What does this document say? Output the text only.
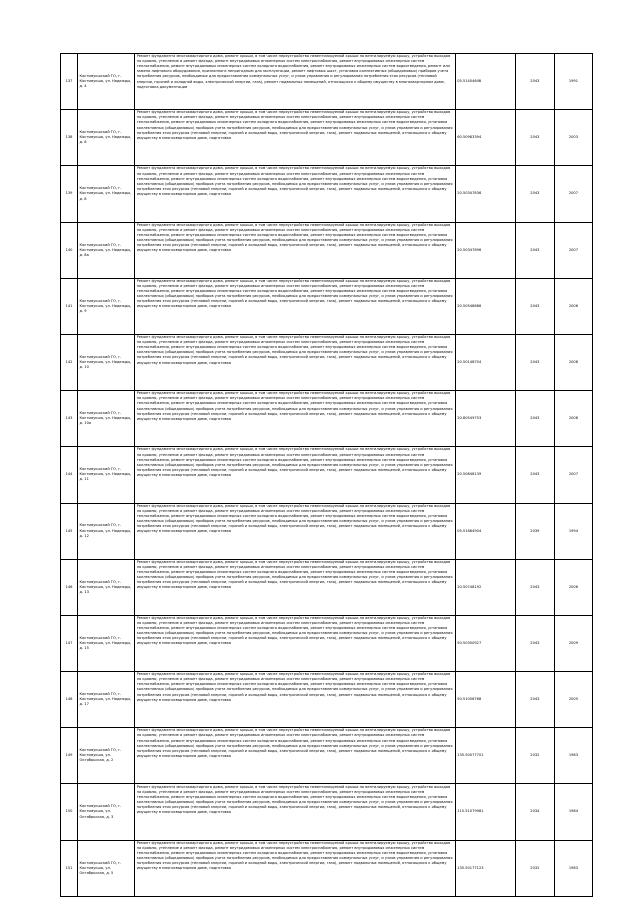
137	Костомукшский ГО, г. Костомукша, ул. Надежды, д. 4	Ремонт фундамента многоквартирного дома, ремонт крыши, в том числе переустройство невентилируемой крыши на вентилируемую крышу, устройство выходов на кровлю, утепление и ремонт фасада, ремонт внутридомовых инженерных систем электроснабжения, ремонт внутридомовых инженерных систем теплоснабжения, ремонт внутридомовых инженерных систем холодного водоснабжения, ремонт внутридомовых инженерных систем водоотведения, ремонт или замена лифтового оборудования, признанного непригодным для эксплуатации, ремонт лифтовых шахт, установка коллективных (общедомовых) приборов учета потребления ресурсов, необходимых для предоставления коммунальных услуг, и узлов управления и регулирования потребления этих ресурсов (тепловой энергии, горячей и холодной воды, электрической энергии, газа), ремонт подвальных помещений, относящихся к общему имуществу в многоквартирном доме, подготовка документации	05.5140464б	2043	1991
138	Костомукшский ГО, г. Костомукша, ул. Надежды, д. 6	Ремонт фундамента многоквартирного дома, ремонт крыши, в том числе переустройство невентилируемой крыши на вентилируемую крышу, устройство выходов на кровлю, утепление и ремонт фасада, ремонт внутридомовых инженерных систем электроснабжения, ремонт внутридомовых инженерных систем теплоснабжения, ремонт внутридомовых инженерных систем холодного водоснабжения, ремонт внутридомовых инженерных систем водоотведения, установка коллективных (общедомовых) приборов учета потребления ресурсов, необходимых для предоставления коммунальных услуг, и узлов управления и регулирования потребления этих ресурсов (тепловой энергии, горячей и холодной воды, электрической энергии, газа), ремонт подвальных помещений, относящихся к общему имуществу в многоквартирном доме, подготовка	60.50983394	2043	2003
139	Костомукшский ГО, г. Костомукша, ул. Надежды, д. 8	Ремонт фундамента многоквартирного дома, ремонт крыши, в том числе переустройство невентилируемой крыши на вентилируемую крышу, устройство выходов на кровлю, утепление и ремонт фасада, ремонт внутридомовых инженерных систем электроснабжения, ремонт внутридомовых инженерных систем теплоснабжения, ремонт внутридомовых инженерных систем холодного водоснабжения, ремонт внутридомовых инженерных систем водоотведения, установка коллективных (общедомовых) приборов учета потребления ресурсов, необходимых для предоставления коммунальных услуг, и узлов управления и регулирования потребления этих ресурсов (тепловой энергии, горячей и холодной воды, электрической энергии, газа), ремонт подвальных помещений, относящихся к общему имуществу в многоквартирном доме, подготовка	20.50347836	2043	2007
140	Костомукшский ГО, г. Костомукша, ул. Надежды, д. 8а	Ремонт фундамента многоквартирного дома, ремонт крыши, в том числе переустройство невентилируемой крыши на вентилируемую крышу, устройство выходов на кровлю, утепление и ремонт фасада, ремонт внутридомовых инженерных систем электроснабжения, ремонт внутридомовых инженерных систем теплоснабжения, ремонт внутридомовых инженерных систем холодного водоснабжения, ремонт внутридомовых инженерных систем водоотведения, установка коллективных (общедомовых) приборов учета потребления ресурсов, необходимых для предоставления коммунальных услуг, и узлов управления и регулирования потребления этих ресурсов (тепловой энергии, горячей и холодной воды, электрической энергии, газа), ремонт подвальных помещений, относящихся к общему имуществу в многоквартирном доме, подготовка	20.50347896	2043	2007
141	Костомукшский ГО, г. Костомукша, ул. Надежды, д. 9	Ремонт фундамента многоквартирного дома, ремонт крыши, в том числе переустройство невентилируемой крыши на вентилируемую крышу, устройство выходов на кровлю, утепление и ремонт фасада, ремонт внутридомовых инженерных систем электроснабжения, ремонт внутридомовых инженерных систем теплоснабжения, ремонт внутридомовых инженерных систем холодного водоснабжения, ремонт внутридомовых инженерных систем водоотведения, установка коллективных (общедомовых) приборов учета потребления ресурсов, необходимых для предоставления коммунальных услуг, и узлов управления и регулирования потребления этих ресурсов (тепловой энергии, горячей и холодной воды, электрической энергии, газа), ремонт подвальных помещений, относящихся к общему имуществу в многоквартирном доме, подготовка	20.50548686	2043	2006
142	Костомукшский ГО, г. Костомукша, ул. Надежды, д. 10	Ремонт фундамента многоквартирного дома, ремонт крыши, в том числе переустройство невентилируемой крыши на вентилируемую крышу, устройство выходов на кровлю, утепление и ремонт фасада, ремонт внутридомовых инженерных систем электроснабжения, ремонт внутридомовых инженерных систем теплоснабжения, ремонт внутридомовых инженерных систем холодного водоснабжения, ремонт внутридомовых инженерных систем водоотведения, установка коллективных (общедомовых) приборов учета потребления ресурсов, необходимых для предоставления коммунальных услуг, и узлов управления и регулирования потребления этих ресурсов (тепловой энергии, горячей и холодной воды, электрической энергии, газа), ремонт подвальных помещений, относящихся к общему имуществу в многоквартирном доме, подготовка	20.50148704	2043	2008
143	Костомукшский ГО, г. Костомукша, ул. Надежды, д. 10а	Ремонт фундамента многоквартирного дома, ремонт крыши, в том числе переустройство невентилируемой крыши на вентилируемую крышу, устройство выходов на кровлю, утепление и ремонт фасада, ремонт внутридомовых инженерных систем электроснабжения, ремонт внутридомовых инженерных систем теплоснабжения, ремонт внутридомовых инженерных систем холодного водоснабжения, ремонт внутридомовых инженерных систем водоотведения, установка коллективных (общедомовых) приборов учета потребления ресурсов, необходимых для предоставления коммунальных услуг, и узлов управления и регулирования потребления этих ресурсов (тепловой энергии, горячей и холодной воды, электрической энергии, газа), ремонт подвальных помещений, относящихся к общему имуществу в многоквартирном доме, подготовка	20.80549753	2043	2008
144	Костомукшский ГО, г. Костомукша, ул. Надежды, д. 11	Ремонт фундамента многоквартирного дома, ремонт крыши, в том числе переустройство невентилируемой крыши на вентилируемую крышу, устройство выходов на кровлю, утепление и ремонт фасада, ремонт внутридомовых инженерных систем электроснабжения, ремонт внутридомовых инженерных систем теплоснабжения, ремонт внутридомовых инженерных систем холодного водоснабжения, ремонт внутридомовых инженерных систем водоотведения, установка коллективных (общедомовых) приборов учета потребления ресурсов, необходимых для предоставления коммунальных услуг, и узлов управления и регулирования потребления этих ресурсов (тепловой энергии, горячей и холодной воды, электрической энергии, газа), ремонт подвальных помещений, относящихся к общему имуществу в многоквартирном доме, подготовка	20.50848139	2043	2007
145	Костомукшский ГО, г. Костомукша, ул. Надежды, д. 12	Ремонт фундамента многоквартирного дома, ремонт крыши, в том числе переустройство невентилируемой крыши на вентилируемую крышу, устройство выходов на кровлю, утепление и ремонт фасада, ремонт внутридомовых инженерных систем электроснабжения, ремонт внутридомовых инженерных систем теплоснабжения, ремонт внутридомовых инженерных систем холодного водоснабжения, ремонт внутридомовых инженерных систем водоотведения, установка коллективных (общедомовых) приборов учета потребления ресурсов, необходимых для предоставления коммунальных услуг, и узлов управления и регулирования потребления этих ресурсов (тепловой энергии, горячей и холодной воды, электрической энергии, газа), ремонт подвальных помещений, относящихся к общему имуществу в многоквартирном доме, подготовка	05.51664904	2039	1994
146	Костомукшский ГО, г. Костомукша, ул. Надежды, д. 13	Ремонт фундамента многоквартирного дома, ремонт крыши, в том числе переустройство невентилируемой крыши на вентилируемую крышу, устройство выходов на кровлю, утепление и ремонт фасада, ремонт внутридомовых инженерных систем электроснабжения, ремонт внутридомовых инженерных систем теплоснабжения, ремонт внутридомовых инженерных систем холодного водоснабжения, ремонт внутридомовых инженерных систем водоотведения, установка коллективных (общедомовых) приборов учета потребления ресурсов, необходимых для предоставления коммунальных услуг, и узлов управления и регулирования потребления этих ресурсов (тепловой энергии, горячей и холодной воды, электрической энергии, газа), ремонт подвальных помещений, относящихся к общему имуществу в многоквартирном доме, подготовка	20.50748192	2043	2006
147	Костомукшский ГО, г. Костомукша, ул. Надежды, д. 15	Ремонт фундамента многоквартирного дома, ремонт крыши, в том числе переустройство невентилируемой крыши на вентилируемую крышу, устройство выходов на кровлю, утепление и ремонт фасада, ремонт внутридомовых инженерных систем электроснабжения, ремонт внутридомовых инженерных систем теплоснабжения, ремонт внутридомовых инженерных систем холодного водоснабжения, ремонт внутридомовых инженерных систем водоотведения, установка коллективных (общедомовых) приборов учета потребления ресурсов, необходимых для предоставления коммунальных услуг, и узлов управления и регулирования потребления этих ресурсов (тепловой энергии, горячей и холодной воды, электрической энергии, газа), ремонт подвальных помещений, относящихся к общему имуществу в многоквартирном доме, подготовка	50.50350927	2043	2009
148	Костомукшский ГО, г. Костомукша, ул. Надежды, д. 17	Ремонт фундамента многоквартирного дома, ремонт крыши, в том числе переустройство невентилируемой крыши на вентилируемую крышу, устройство выходов на кровлю, утепление и ремонт фасада, ремонт внутридомовых инженерных систем электроснабжения, ремонт внутридомовых инженерных систем теплоснабжения, ремонт внутридомовых инженерных систем холодного водоснабжения, ремонт внутридомовых инженерных систем водоотведения, установка коллективных (общедомовых) приборов учета потребления ресурсов, необходимых для предоставления коммунальных услуг, и узлов управления и регулирования потребления этих ресурсов (тепловой энергии, горячей и холодной воды, электрической энергии, газа), ремонт подвальных помещений, относящихся к общему имуществу в многоквартирном доме, подготовка	50.51056768	2043	2005
149	Костомукшский ГО, г. Костомукша, ул. Октябрьская, д. 2	Ремонт фундамента многоквартирного дома, ремонт крыши, в том числе переустройство невентилируемой крыши на вентилируемую крышу, устройство выходов на кровлю, утепление и ремонт фасада, ремонт внутридомовых инженерных систем электроснабжения, ремонт внутридомовых инженерных систем теплоснабжения, ремонт внутридомовых инженерных систем холодного водоснабжения, ремонт внутридомовых инженерных систем водоотведения, установка коллективных (общедомовых) приборов учета потребления ресурсов, необходимых для предоставления коммунальных услуг, и узлов управления и регулирования потребления этих ресурсов (тепловой энергии, горячей и холодной воды, электрической энергии, газа), ремонт подвальных помещений, относящихся к общему имуществу в многоквартирном доме, подготовка	135.50077701	2032	1983
150	Костомукшский ГО, г. Костомукша, ул. Октябрьская, д. 3	Ремонт фундамента многоквартирного дома, ремонт крыши, в том числе переустройство невентилируемой крыши на вентилируемую крышу, устройство выходов на кровлю, утепление и ремонт фасада, ремонт внутридомовых инженерных систем электроснабжения, ремонт внутридомовых инженерных систем теплоснабжения, ремонт внутридомовых инженерных систем холодного водоснабжения, ремонт внутридомовых инженерных систем водоотведения, установка коллективных (общедомовых) приборов учета потребления ресурсов, необходимых для предоставления коммунальных услуг, и узлов управления и регулирования потребления этих ресурсов (тепловой энергии, горячей и холодной воды, электрической энергии, газа), ремонт подвальных помещений, относящихся к общему имуществу в многоквартирном доме, подготовка	115.51079981	2034	1984
151	Костомукшский ГО, г. Костомукша, ул. Октябрьская, д. 5	Ремонт фундамента многоквартирного дома, ремонт крыши, в том числе переустройство невентилируемой крыши на вентилируемую крышу, устройство выходов на кровлю, утепление и ремонт фасада, ремонт внутридомовых инженерных систем электроснабжения, ремонт внутридомовых инженерных систем теплоснабжения, ремонт внутридомовых инженерных систем холодного водоснабжения, ремонт внутридомовых инженерных систем водоотведения, установка коллективных (общедомовых) приборов учета потребления ресурсов, необходимых для предоставления коммунальных услуг, и узлов управления и регулирования потребления этих ресурсов (тепловой энергии, горячей и холодной воды, электрической энергии, газа), ремонт подвальных помещений, относящихся к общему имуществу в многоквартирном доме, подготовка	135.50177123	2032	1983
